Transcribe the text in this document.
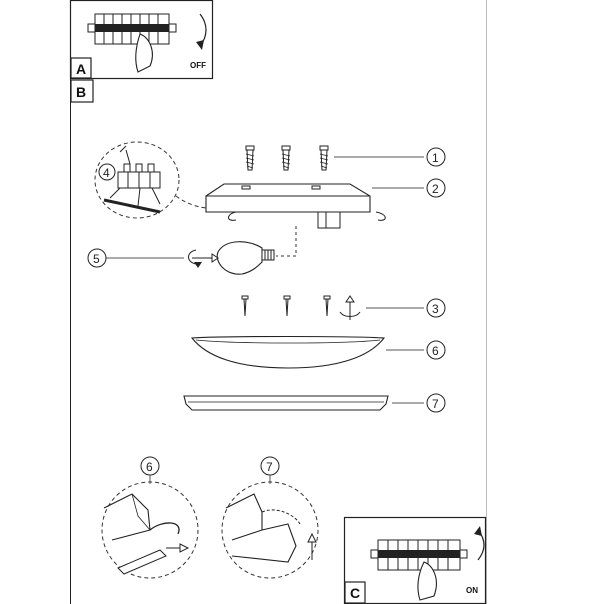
OFF
A
B
4
1
2
5
3
6
7
6	7
ON
C
